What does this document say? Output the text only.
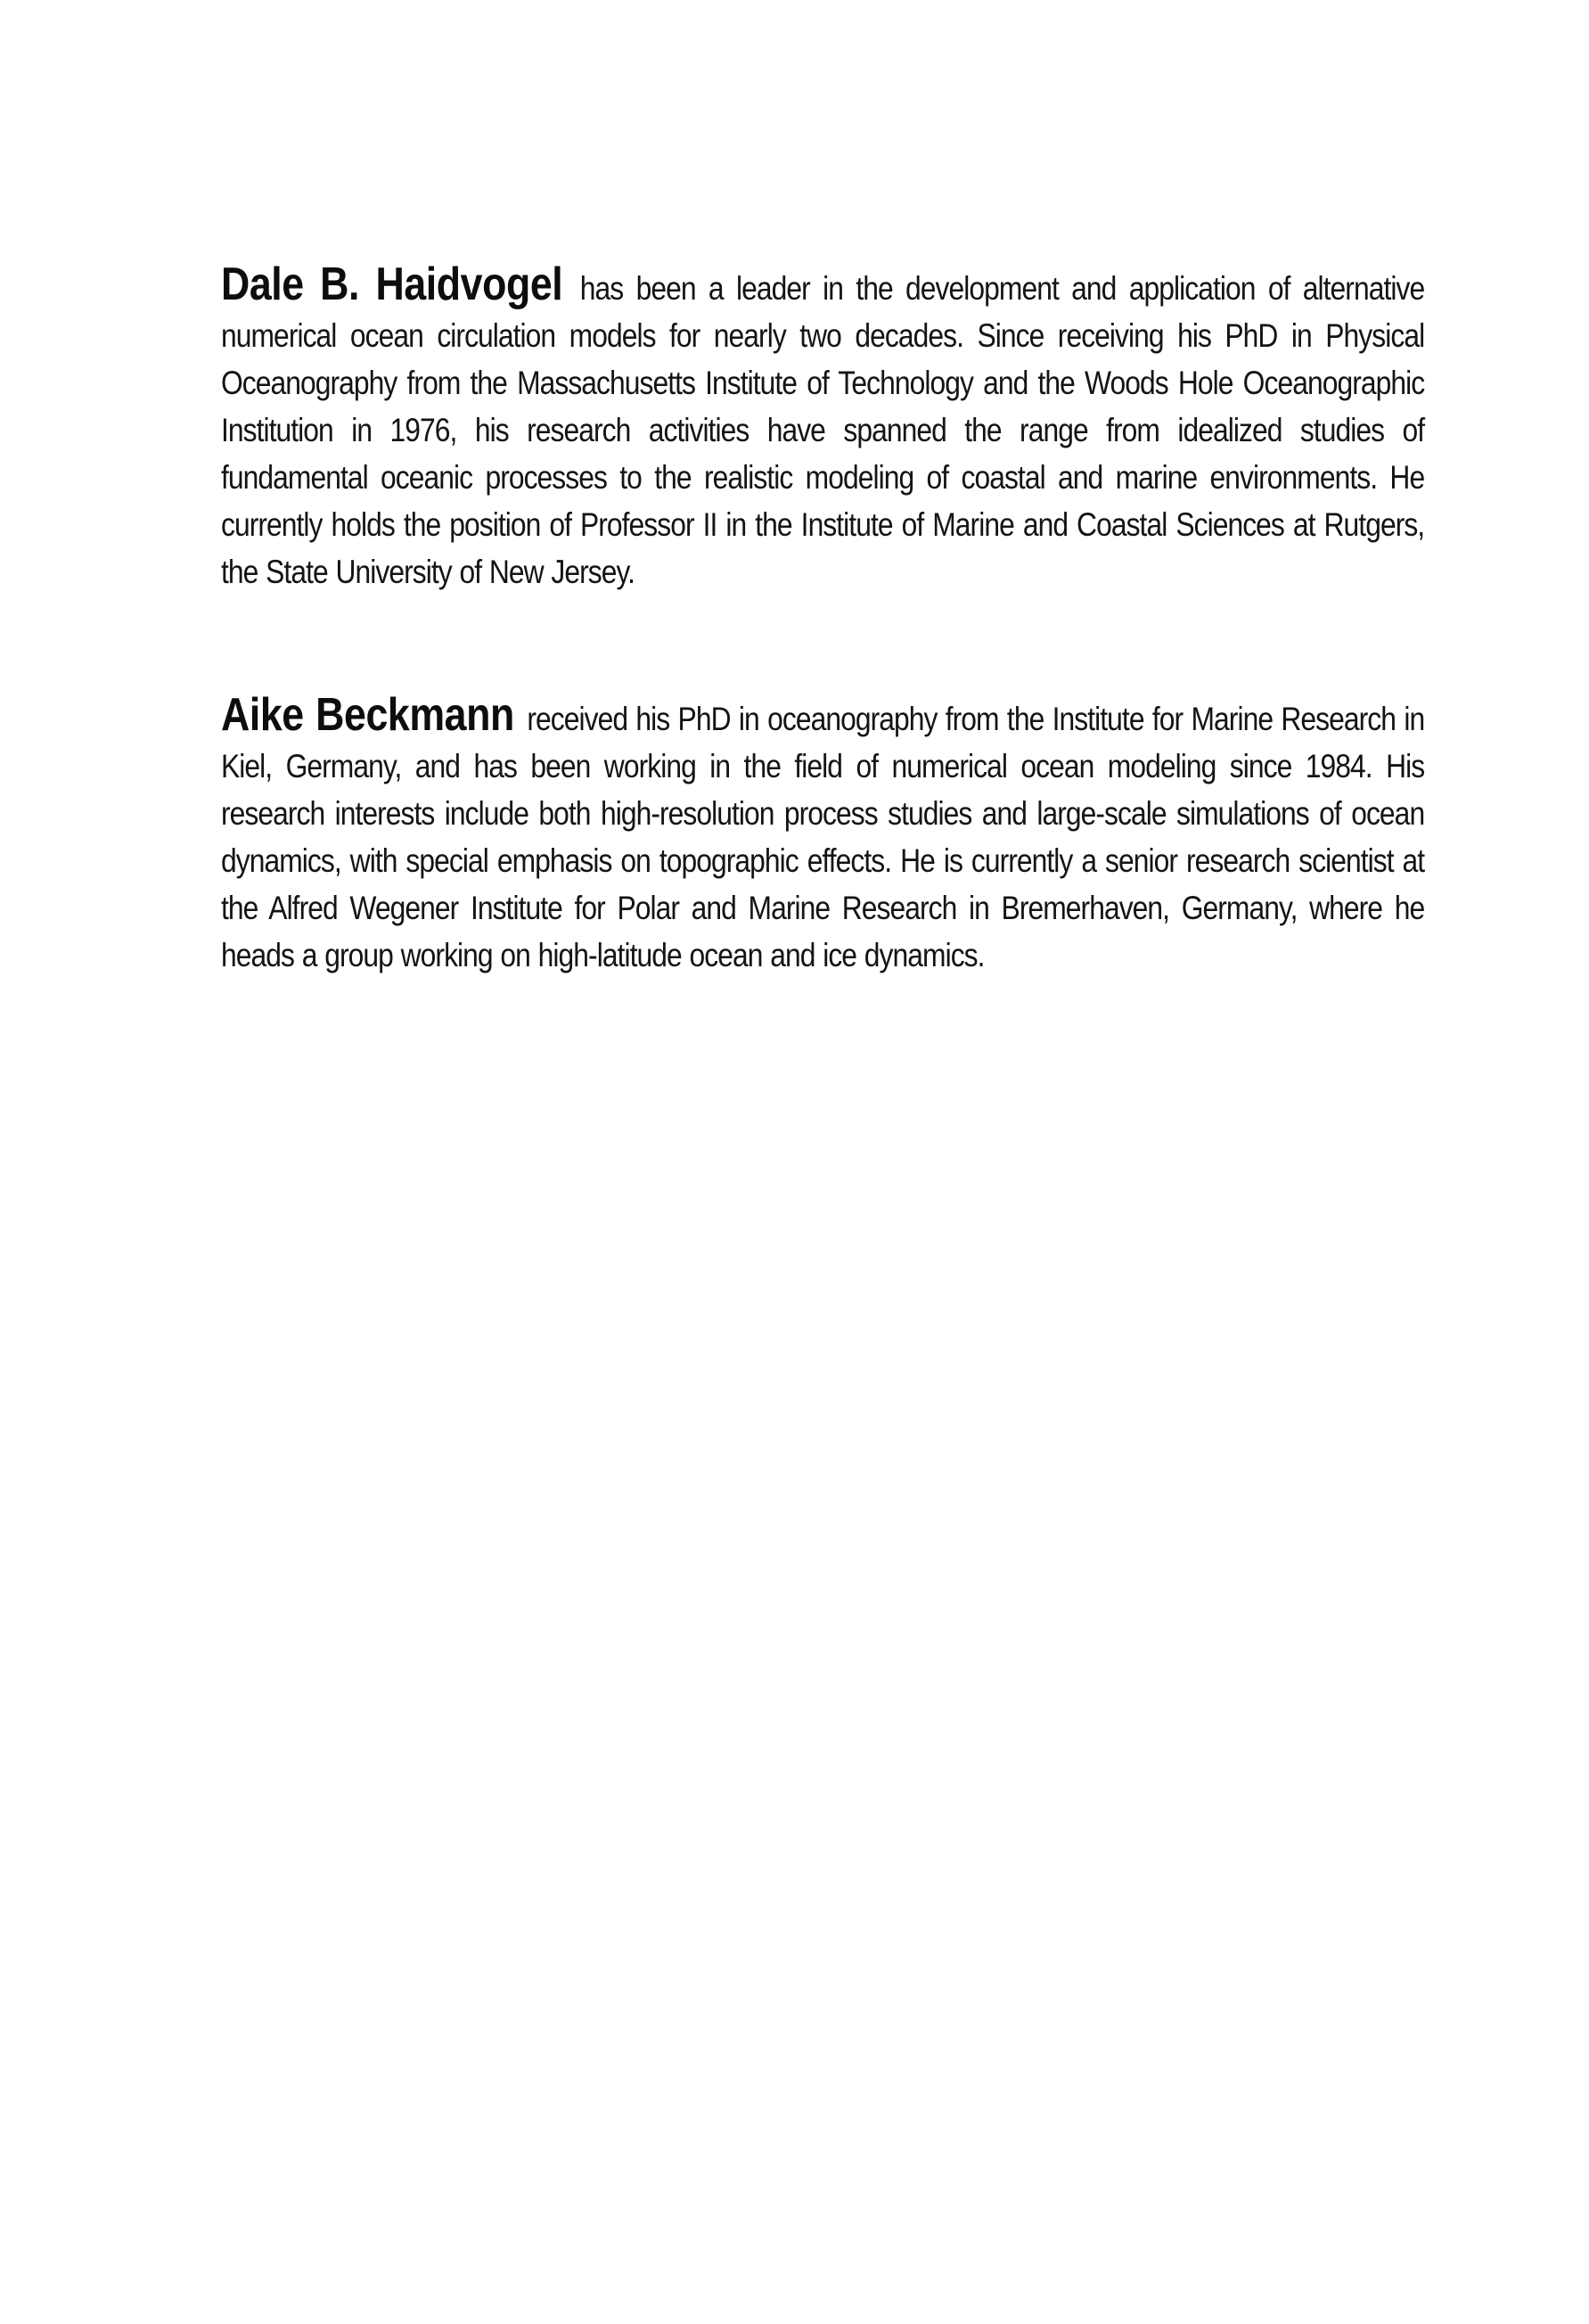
Dale B. Haidvogel has been a leader in the development and application of alternative numerical ocean circulation models for nearly two decades. Since receiving his PhD in Physical Oceanography from the Massachusetts Institute of Technology and the Woods Hole Oceanographic Institution in 1976, his research activities have spanned the range from idealized studies of fundamental oceanic processes to the realistic modeling of coastal and marine environments. He currently holds the position of Professor II in the Institute of Marine and Coastal Sciences at Rutgers, the State University of New Jersey.

Aike Beckmann received his PhD in oceanography from the Institute for Marine Research in Kiel, Germany, and has been working in the field of numerical ocean modeling since 1984. His research interests include both high-resolution process studies and large-scale simulations of ocean dynamics, with special emphasis on topographic effects. He is currently a senior research scientist at the Alfred Wegener Institute for Polar and Marine Research in Bremerhaven, Germany, where he heads a group working on high-latitude ocean and ice dynamics.
